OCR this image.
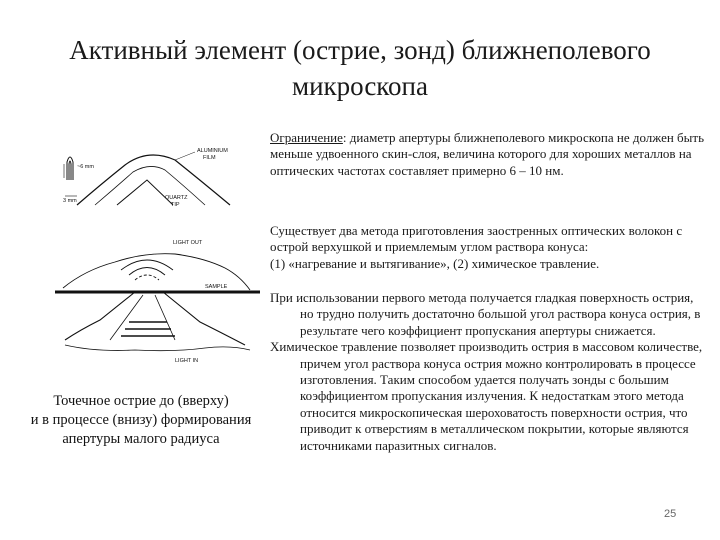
Активный элемент (острие, зонд) ближнеполевого
микроскопа
~6 mm
3 mm
ALUMINIUM
FILM
QUARTZ
TIP
LIGHT OUT
SAMPLE
LIGHT IN
Точечное острие до (вверху)
и в процессе (внизу) формирования
апертуры малого радиуса
Ограничение: диаметр апертуры ближнеполевого микроскопа не должен быть меньше удвоенного скин-слоя, величина которого для хороших металлов на оптических частотах составляет примерно 6 – 10 нм.
Существует два метода приготовления заостренных оптических волокон с острой верхушкой и приемлемым углом раствора конуса:
(1) «нагревание и вытягивание», (2) химическое травление.

При использовании первого метода получается гладкая поверхность острия, но трудно получить достаточно большой угол раствора конуса острия, в результате чего коэффициент пропускания апертуры снижается.

Химическое травление позволяет производить острия в массовом количестве, причем угол раствора конуса острия можно контролировать в процессе изготовления. Таким способом удается получать зонды с большим коэффициентом пропускания излучения. К недостаткам этого метода относится микроскопическая шероховатость поверхности острия, что приводит к отверстиям в металлическом покрытии, которые являются источниками паразитных сигналов.

25
